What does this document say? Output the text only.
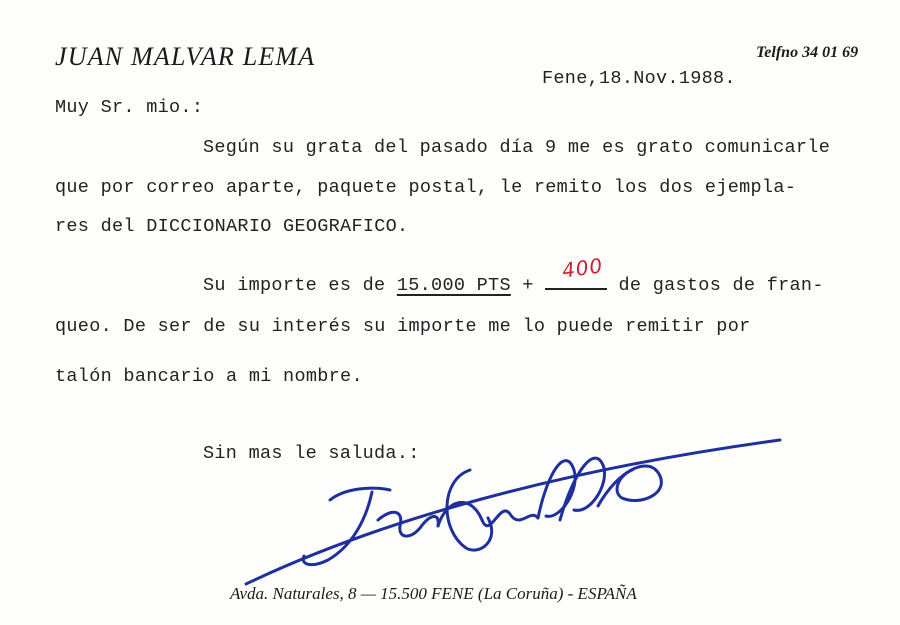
JUAN MALVAR LEMA	Telfno 34 01 69
Fene,18.Nov.1988.
Muy Sr. mio.:
Según su grata del pasado día 9 me es grato comunicarle
que por correo aparte, paquete postal, le remito los dos ejempla-
res del DICCIONARIO GEOGRAFICO.
Su importe es de 15.000 PTS +	de gastos de fran-
400
queo. De ser de su interés su importe me lo puede remitir por
talón bancario a mi nombre.
Sin mas le saluda.:
Avda. Naturales, 8 — 15.500 FENE (La Coruña) - ESPAÑA
